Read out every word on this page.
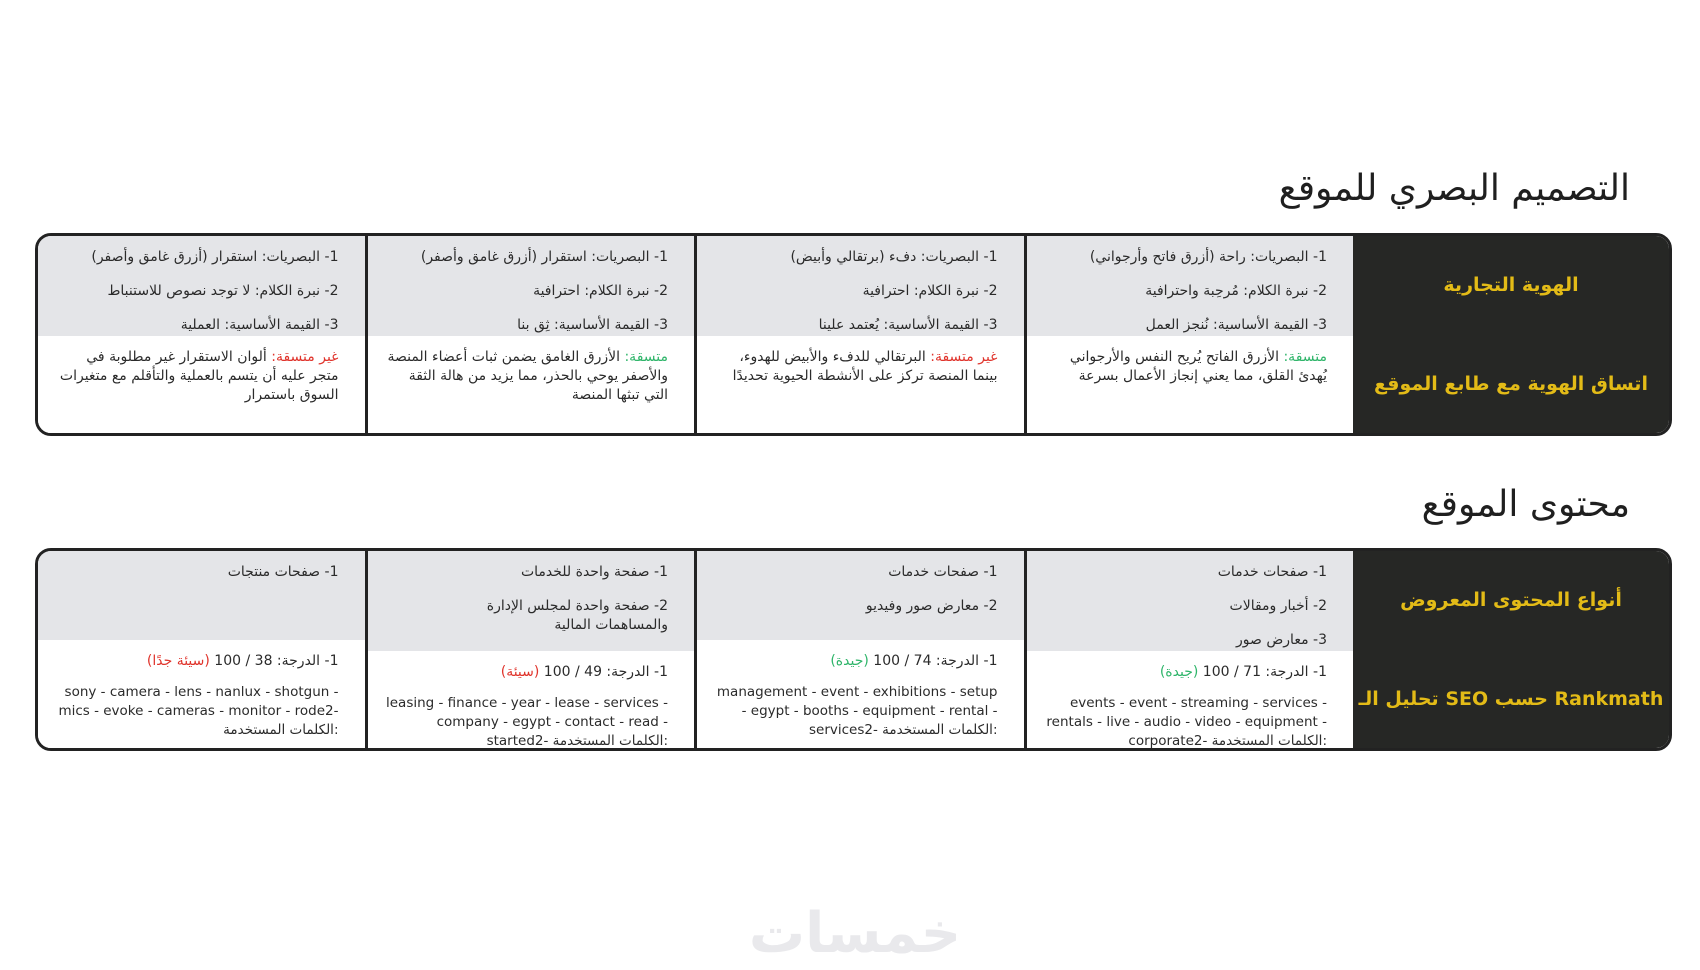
التصميم البصري للموقع
الهوية التجارية
اتساق الهوية مع طابع الموقع
1- البصريات: راحة (أزرق فاتح وأرجواني)
2- نبرة الكلام: مُرحِبة واحترافية
3- القيمة الأساسية: نُنجز العمل
متسقة: الأزرق الفاتح يُريح النفس والأرجواني يُهدئ القلق، مما يعني إنجاز الأعمال بسرعة
1- البصريات: دفء (برتقالي وأبيض)
2- نبرة الكلام: احترافية
3- القيمة الأساسية: يُعتمد علينا
غير متسقة: البرتقالي للدفء والأبيض للهدوء، بينما المنصة تركز على الأنشطة الحيوية تحديدًا
1- البصريات: استقرار (أزرق غامق وأصفر)
2- نبرة الكلام: احترافية
3- القيمة الأساسية: ثِق بنا
متسقة: الأزرق الغامق يضمن ثبات أعضاء المنصة والأصفر يوحي بالحذر، مما يزيد من هالة الثقة التي تبثها المنصة
1- البصريات: استقرار (أزرق غامق وأصفر)
2- نبرة الكلام: لا توجد نصوص للاستنباط
3- القيمة الأساسية: العملية
غير متسقة: ألوان الاستقرار غير مطلوبة في متجر عليه أن يتسم بالعملية والتأقلم مع متغيرات السوق باستمرار
محتوى الموقع
أنواع المحتوى المعروض
تحليل الـ SEO حسب Rankmath
1- صفحات خدمات
2- أخبار ومقالات
3- معارض صور
1- الدرجة: 71 / 100 (جيدة)
events - event - streaming - services - rentals - live - audio - video - equipment - corporate2- الكلمات المستخدمة:
1- صفحات خدمات
2- معارض صور وفيديو
1- الدرجة: 74 / 100 (جيدة)
management - event - exhibitions - setup - egypt - booths - equipment - rental - services2- الكلمات المستخدمة:
1- صفحة واحدة للخدمات
2- صفحة واحدة لمجلس الإدارة والمساهمات المالية
1- الدرجة: 49 / 100 (سيئة)
leasing - finance - year - lease - services - company - egypt - contact - read - started2- الكلمات المستخدمة:
1- صفحات منتجات
1- الدرجة: 38 / 100 (سيئة جدًا)
sony - camera - lens - nanlux - shotgun - mics - evoke - cameras - monitor - rode2- الكلمات المستخدمة:
خمسات
